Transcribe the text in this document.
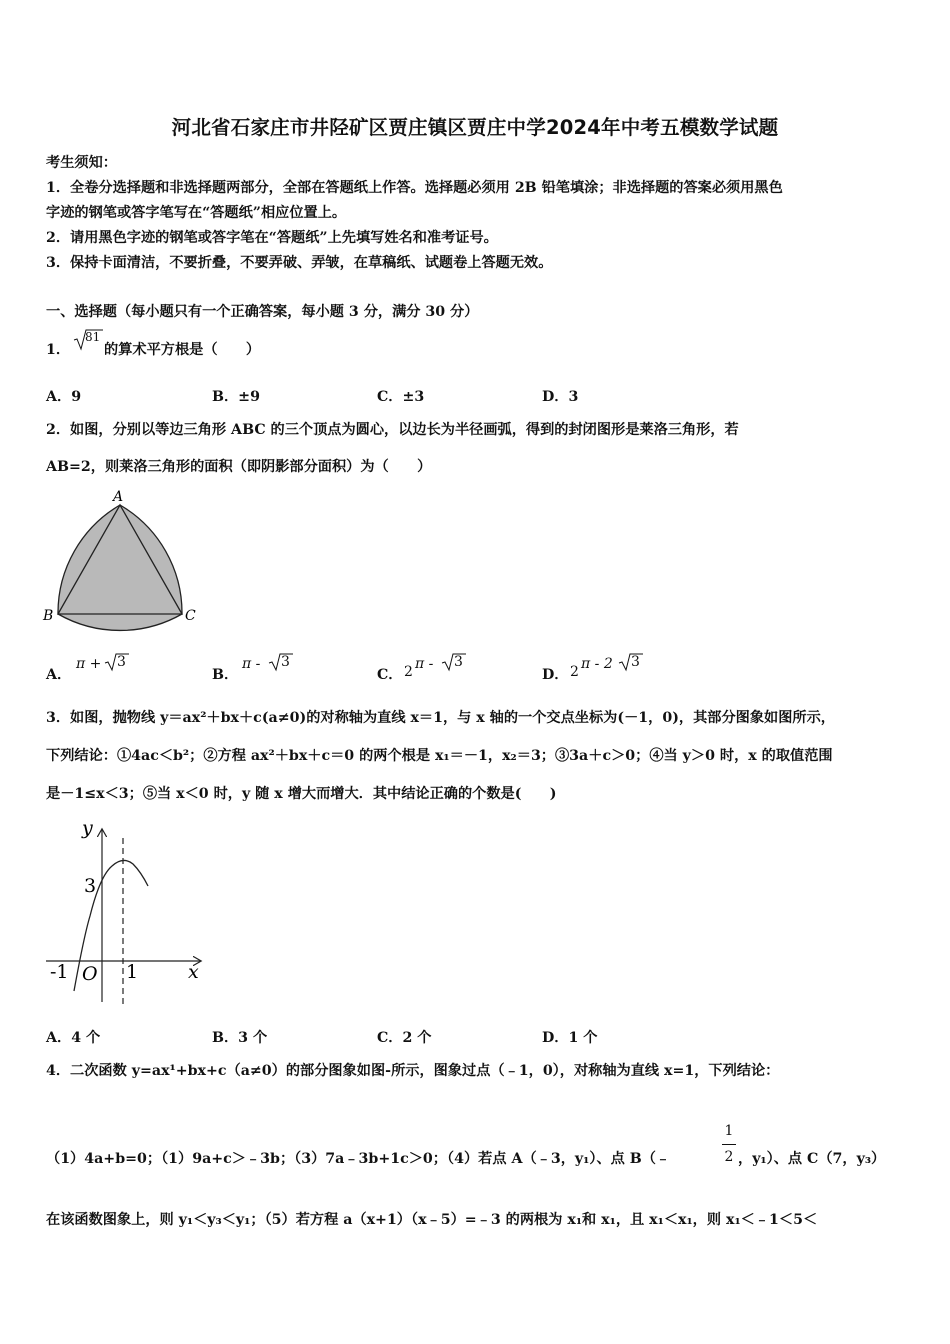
河北省石家庄市井陉矿区贾庄镇区贾庄中学2024年中考五模数学试题
考生须知：
1．全卷分选择题和非选择题两部分，全部在答题纸上作答。选择题必须用 2B 铅笔填涂；非选择题的答案必须用黑色
字迹的钢笔或答字笔写在“答题纸”相应位置上。
2．请用黑色字迹的钢笔或答字笔在“答题纸”上先填写姓名和准考证号。
3．保持卡面清洁，不要折叠，不要弄破、弄皱，在草稿纸、试题卷上答题无效。
一、选择题（每小题只有一个正确答案，每小题 3 分，满分 30 分）
1．
81
的算术平方根是（　　）
A．9	B．±9	C．±3	D．3
2．如图，分别以等边三角形 ABC 的三个顶点为圆心，以边长为半径画弧，得到的封闭图形是莱洛三角形，若
AB=2，则莱洛三角形的面积（即阴影部分面积）为（　　）
A
B	C
A．
π + 3
B．
π - 3
C． 2 π - 3
D． 2 π - 2 3
3．如图，抛物线 y＝ax²＋bx＋c(a≠0)的对称轴为直线 x＝1，与 x 轴的一个交点坐标为(－1，0)，其部分图象如图所示，
下列结论：①4ac＜b²；②方程 ax²＋bx＋c＝0 的两个根是 x₁＝－1，x₂＝3；③3a＋c＞0；④当 y＞0 时，x 的取值范围
是－1≤x＜3；⑤当 x＜0 时，y 随 x 增大而增大．其中结论正确的个数是(　　)
y
x
3
-1 O 1
A．4 个	B．3 个	C．2 个	D．1 个
4．二次函数 y=ax¹+bx+c（a≠0）的部分图象如图-所示，图象过点（﹣1，0），对称轴为直线 x=1，下列结论：
（1）4a+b=0；（1）9a+c＞﹣3b；（3）7a﹣3b+1c＞0；（4）若点 A（﹣3，y₁）、点 B（﹣
1
2 ，y₁）、点 C（7，y₃）
在该函数图象上，则 y₁＜y₃＜y₁；（5）若方程 a（x+1）（x﹣5）=﹣3 的两根为 x₁和 x₁，且 x₁＜x₁，则 x₁＜﹣1＜5＜
